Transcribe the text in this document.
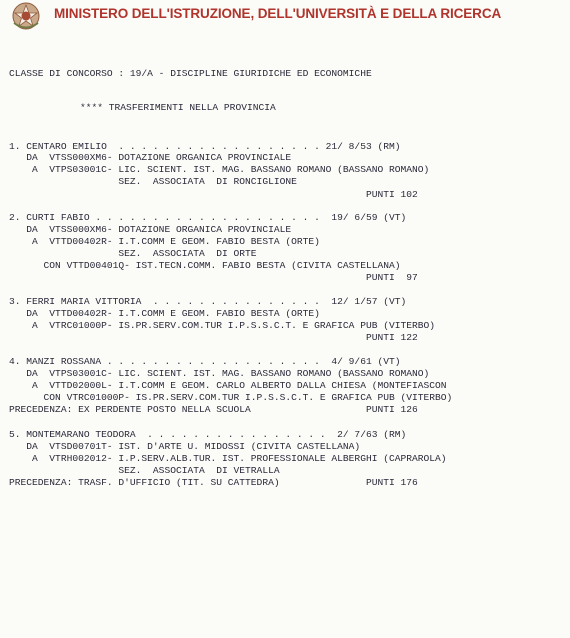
MINISTERO DELL'ISTRUZIONE, DELL'UNIVERSITÀ E DELLA RICERCA

CLASSE DI CONCORSO : 19/A - DISCIPLINE GIURIDICHE ED ECONOMICHE

**** TRASFERIMENTI NELLA PROVINCIA

1. CENTARO EMILIO  . . . . . . . . . . . . . . . . . . 21/ 8/53 (RM)

DA  VTSS000XM6- DOTAZIONE ORGANICA PROVINCIALE

A  VTPS03001C- LIC. SCIENT. IST. MAG. BASSANO ROMANO (BASSANO ROMANO)

SEZ.  ASSOCIATA  DI RONCIGLIONE

PUNTI 102

2. CURTI FABIO . . . . . . . . . . . . . . . . . . . .  19/ 6/59 (VT)

DA  VTSS000XM6- DOTAZIONE ORGANICA PROVINCIALE

A  VTTD00402R- I.T.COMM E GEOM. FABIO BESTA (ORTE)

SEZ.  ASSOCIATA  DI ORTE

CON VTTD00401Q- IST.TECN.COMM. FABIO BESTA (CIVITA CASTELLANA)

PUNTI  97

3. FERRI MARIA VITTORIA  . . . . . . . . . . . . . . .  12/ 1/57 (VT)

DA  VTTD00402R- I.T.COMM E GEOM. FABIO BESTA (ORTE)

A  VTRC01000P- IS.PR.SERV.COM.TUR I.P.S.S.C.T. E GRAFICA PUB (VITERBO)

PUNTI 122

4. MANZI ROSSANA . . . . . . . . . . . . . . . . . . .  4/ 9/61 (VT)

DA  VTPS03001C- LIC. SCIENT. IST. MAG. BASSANO ROMANO (BASSANO ROMANO)

A  VTTD02000L- I.T.COMM E GEOM. CARLO ALBERTO DALLA CHIESA (MONTEFIASCON

CON VTRC01000P- IS.PR.SERV.COM.TUR I.P.S.S.C.T. E GRAFICA PUB (VITERBO)

PRECEDENZA: EX PERDENTE POSTO NELLA SCUOLA                    PUNTI 126

5. MONTEMARANO TEODORA  . . . . . . . . . . . . . . . .  2/ 7/63 (RM)

DA  VTSD00701T- IST. D'ARTE U. MIDOSSI (CIVITA CASTELLANA)

A  VTRH002012- I.P.SERV.ALB.TUR. IST. PROFESSIONALE ALBERGHI (CAPRAROLA)

SEZ.  ASSOCIATA  DI VETRALLA

PRECEDENZA: TRASF. D'UFFICIO (TIT. SU CATTEDRA)               PUNTI 176
